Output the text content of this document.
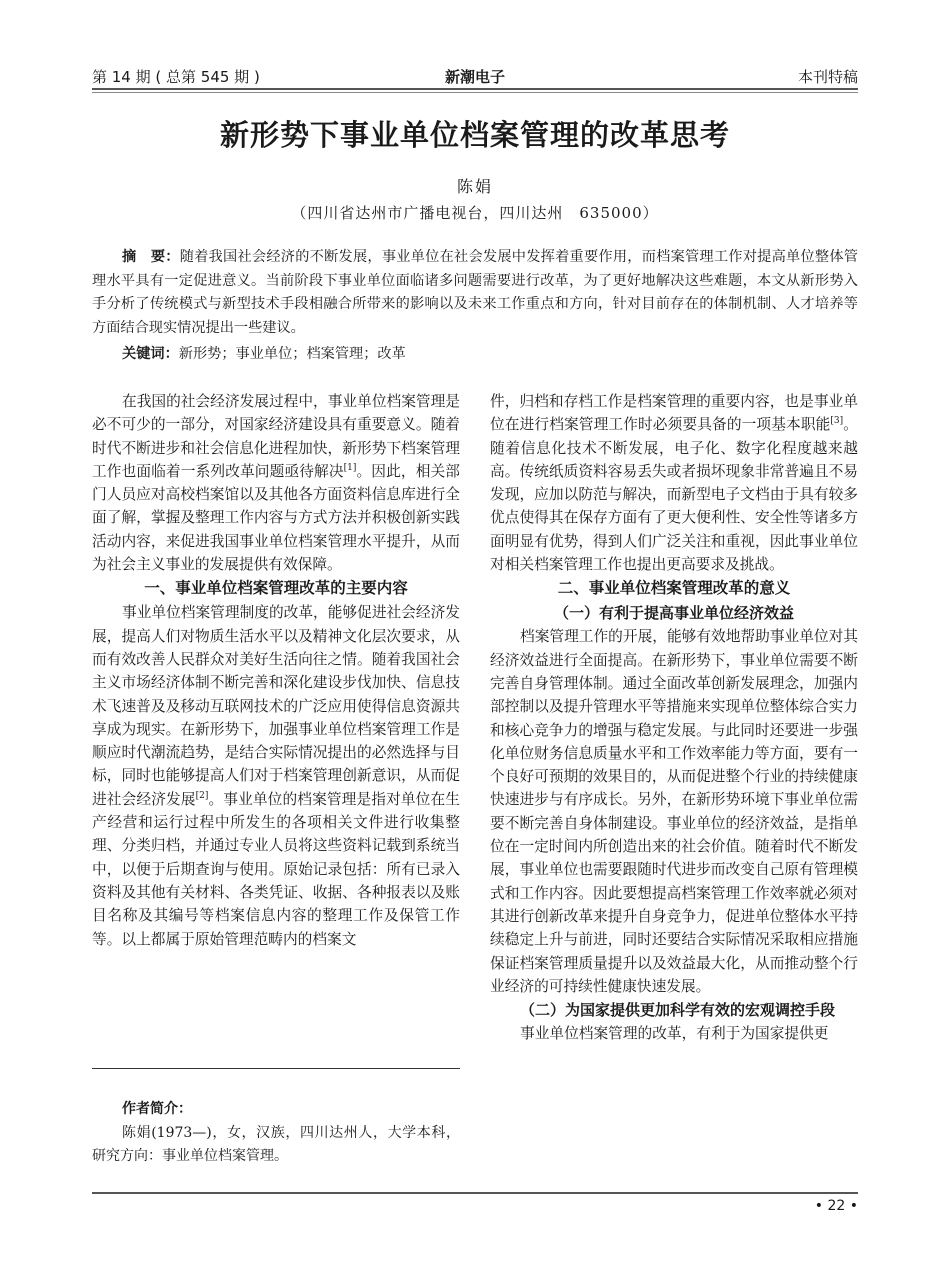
第 14 期 ( 总第 545 期 )	新潮电子	本刊特稿
新形势下事业单位档案管理的改革思考
陈娟
（四川省达州市广播电视台，四川达州　635000）
摘　要：随着我国社会经济的不断发展，事业单位在社会发展中发挥着重要作用，而档案管理工作对提高单位整体管理水平具有一定促进意义。当前阶段下事业单位面临诸多问题需要进行改革，为了更好地解决这些难题，本文从新形势入手分析了传统模式与新型技术手段相融合所带来的影响以及未来工作重点和方向，针对目前存在的体制机制、人才培养等方面结合现实情况提出一些建议。
关键词：新形势；事业单位；档案管理；改革

在我国的社会经济发展过程中，事业单位档案管理是必不可少的一部分，对国家经济建设具有重要意义。随着时代不断进步和社会信息化进程加快，新形势下档案管理工作也面临着一系列改革问题亟待解决[1]。因此，相关部门人员应对高校档案馆以及其他各方面资料信息库进行全面了解，掌握及整理工作内容与方式方法并积极创新实践活动内容，来促进我国事业单位档案管理水平提升，从而为社会主义事业的发展提供有效保障。

一、事业单位档案管理改革的主要内容

事业单位档案管理制度的改革，能够促进社会经济发展，提高人们对物质生活水平以及精神文化层次要求，从而有效改善人民群众对美好生活向往之情。随着我国社会主义市场经济体制不断完善和深化建设步伐加快、信息技术飞速普及及移动互联网技术的广泛应用使得信息资源共享成为现实。在新形势下，加强事业单位档案管理工作是顺应时代潮流趋势，是结合实际情况提出的必然选择与目标，同时也能够提高人们对于档案管理创新意识，从而促进社会经济发展[2]。事业单位的档案管理是指对单位在生产经营和运行过程中所发生的各项相关文件进行收集整理、分类归档，并通过专业人员将这些资料记载到系统当中，以便于后期查询与使用。原始记录包括：所有已录入资料及其他有关材料、各类凭证、收据、各种报表以及账目名称及其编号等档案信息内容的整理工作及保管工作等。以上都属于原始管理范畴内的档案文

作者简介：
陈娟(1973—)，女，汉族，四川达州人，大学本科，研究方向：事业单位档案管理。

件，归档和存档工作是档案管理的重要内容，也是事业单位在进行档案管理工作时必须要具备的一项基本职能[3]。随着信息化技术不断发展，电子化、数字化程度越来越高。传统纸质资料容易丢失或者损坏现象非常普遍且不易发现，应加以防范与解决，而新型电子文档由于具有较多优点使得其在保存方面有了更大便利性、安全性等诸多方面明显有优势，得到人们广泛关注和重视，因此事业单位对相关档案管理工作也提出更高要求及挑战。

二、事业单位档案管理改革的意义
（一）有利于提高事业单位经济效益

档案管理工作的开展，能够有效地帮助事业单位对其经济效益进行全面提高。在新形势下，事业单位需要不断完善自身管理体制。通过全面改革创新发展理念，加强内部控制以及提升管理水平等措施来实现单位整体综合实力和核心竞争力的增强与稳定发展。与此同时还要进一步强化单位财务信息质量水平和工作效率能力等方面，要有一个良好可预期的效果目的，从而促进整个行业的持续健康快速进步与有序成长。另外，在新形势环境下事业单位需要不断完善自身体制建设。事业单位的经济效益，是指单位在一定时间内所创造出来的社会价值。随着时代不断发展，事业单位也需要跟随时代进步而改变自己原有管理模式和工作内容。因此要想提高档案管理工作效率就必须对其进行创新改革来提升自身竞争力，促进单位整体水平持续稳定上升与前进，同时还要结合实际情况采取相应措施保证档案管理质量提升以及效益最大化，从而推动整个行业经济的可持续性健康快速发展。

（二）为国家提供更加科学有效的宏观调控手段

事业单位档案管理的改革，有利于为国家提供更

• 22 •
